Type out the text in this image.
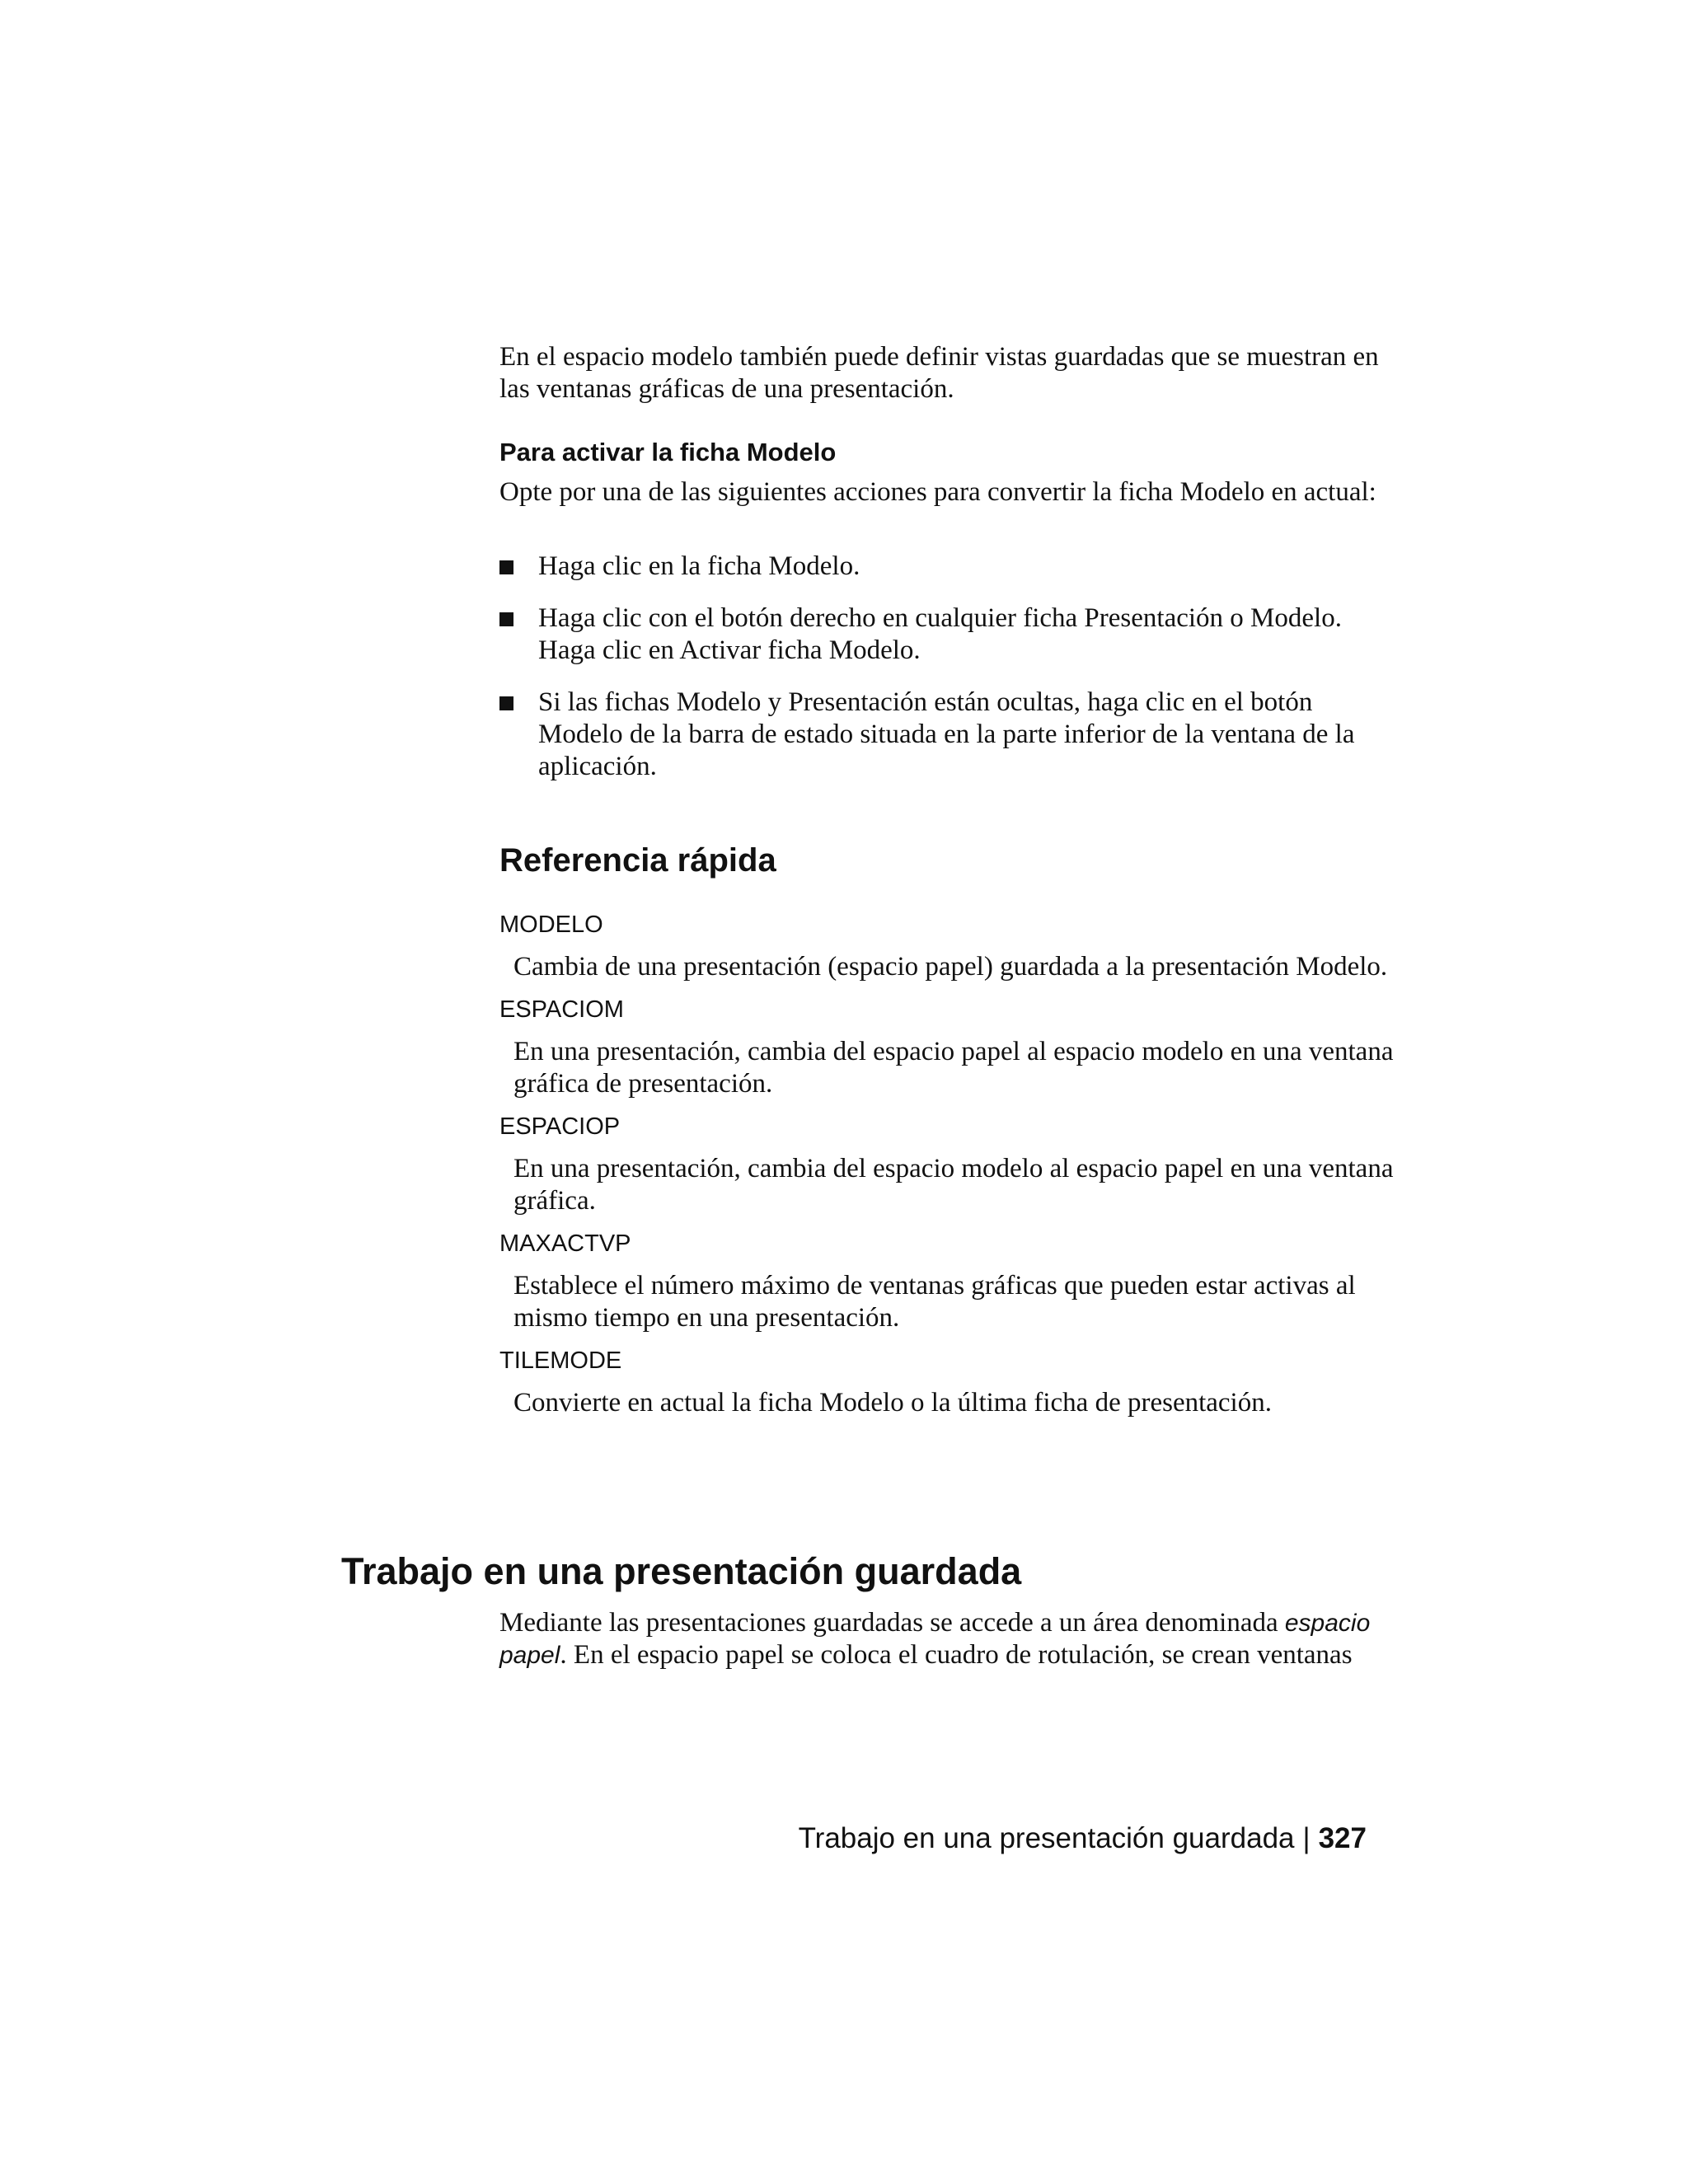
En el espacio modelo también puede definir vistas guardadas que se muestran en las ventanas gráficas de una presentación.

Para activar la ficha Modelo

Opte por una de las siguientes acciones para convertir la ficha Modelo en actual:

Haga clic en la ficha Modelo.
Haga clic con el botón derecho en cualquier ficha Presentación o Modelo. Haga clic en Activar ficha Modelo.
Si las fichas Modelo y Presentación están ocultas, haga clic en el botón Modelo de la barra de estado situada en la parte inferior de la ventana de la aplicación.
Referencia rápida

MODELO

Cambia de una presentación (espacio papel) guardada a la presentación Modelo.

ESPACIOM

En una presentación, cambia del espacio papel al espacio modelo en una ventana gráfica de presentación.

ESPACIOP

En una presentación, cambia del espacio modelo al espacio papel en una ventana gráfica.

MAXACTVP

Establece el número máximo de ventanas gráficas que pueden estar activas al mismo tiempo en una presentación.

TILEMODE

Convierte en actual la ficha Modelo o la última ficha de presentación.

Trabajo en una presentación guardada

Mediante las presentaciones guardadas se accede a un área denominada espacio papel. En el espacio papel se coloca el cuadro de rotulación, se crean ventanas

Trabajo en una presentación guardada | 327
